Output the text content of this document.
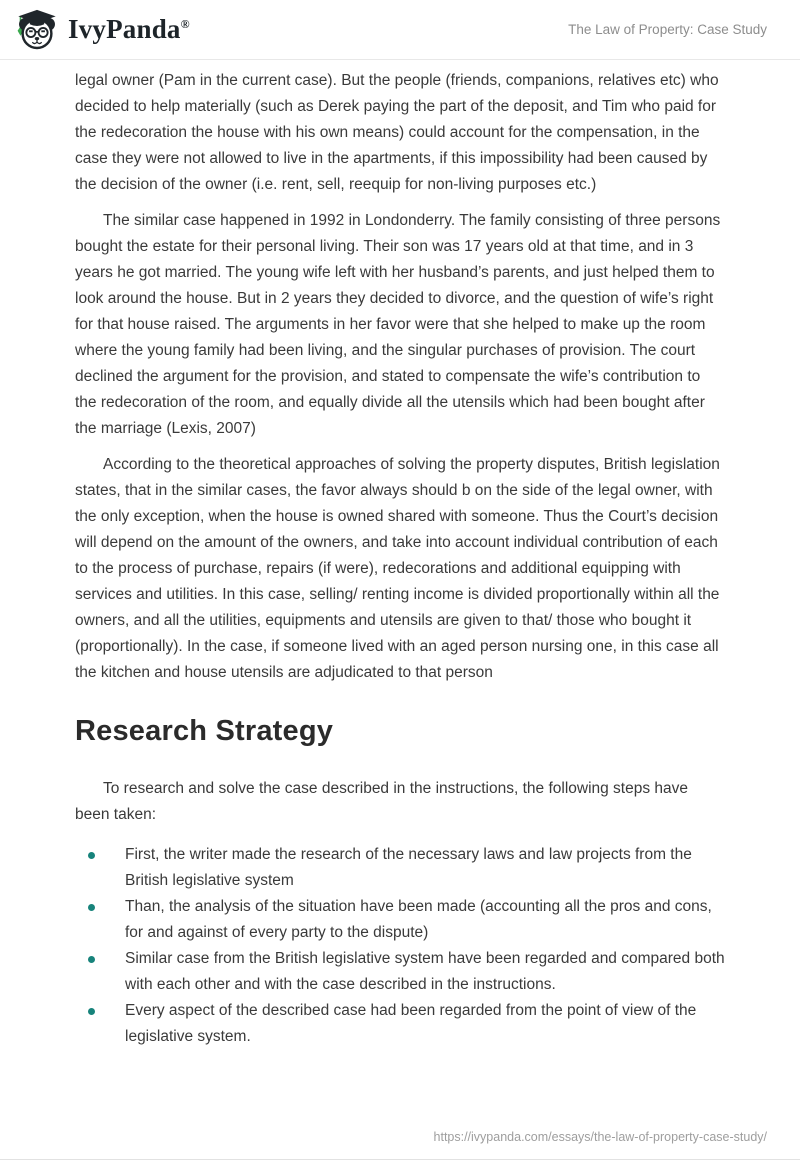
IvyPanda®	The Law of Property: Case Study

legal owner (Pam in the current case). But the people (friends, companions, relatives etc) who decided to help materially (such as Derek paying the part of the deposit, and Tim who paid for the redecoration the house with his own means) could account for the compensation, in the case they were not allowed to live in the apartments, if this impossibility had been caused by the decision of the owner (i.e. rent, sell, reequip for non-living purposes etc.)

The similar case happened in 1992 in Londonderry. The family consisting of three persons bought the estate for their personal living. Their son was 17 years old at that time, and in 3 years he got married. The young wife left with her husband’s parents, and just helped them to look around the house. But in 2 years they decided to divorce, and the question of wife’s right for that house raised. The arguments in her favor were that she helped to make up the room where the young family had been living, and the singular purchases of provision. The court declined the argument for the provision, and stated to compensate the wife’s contribution to the redecoration of the room, and equally divide all the utensils which had been bought after the marriage (Lexis, 2007)

According to the theoretical approaches of solving the property disputes, British legislation states, that in the similar cases, the favor always should b on the side of the legal owner, with the only exception, when the house is owned shared with someone. Thus the Court’s decision will depend on the amount of the owners, and take into account individual contribution of each to the process of purchase, repairs (if were), redecorations and additional equipping with services and utilities. In this case, selling/ renting income is divided proportionally within all the owners, and all the utilities, equipments and utensils are given to that/ those who bought it (proportionally). In the case, if someone lived with an aged person nursing one, in this case all the kitchen and house utensils are adjudicated to that person

Research Strategy

To research and solve the case described in the instructions, the following steps have been taken:

First, the writer made the research of the necessary laws and law projects from the British legislative system
Than, the analysis of the situation have been made (accounting all the pros and cons, for and against of every party to the dispute)
Similar case from the British legislative system have been regarded and compared both with each other and with the case described in the instructions.
Every aspect of the described case had been regarded from the point of view of the legislative system.
https://ivypanda.com/essays/the-law-of-property-case-study/
